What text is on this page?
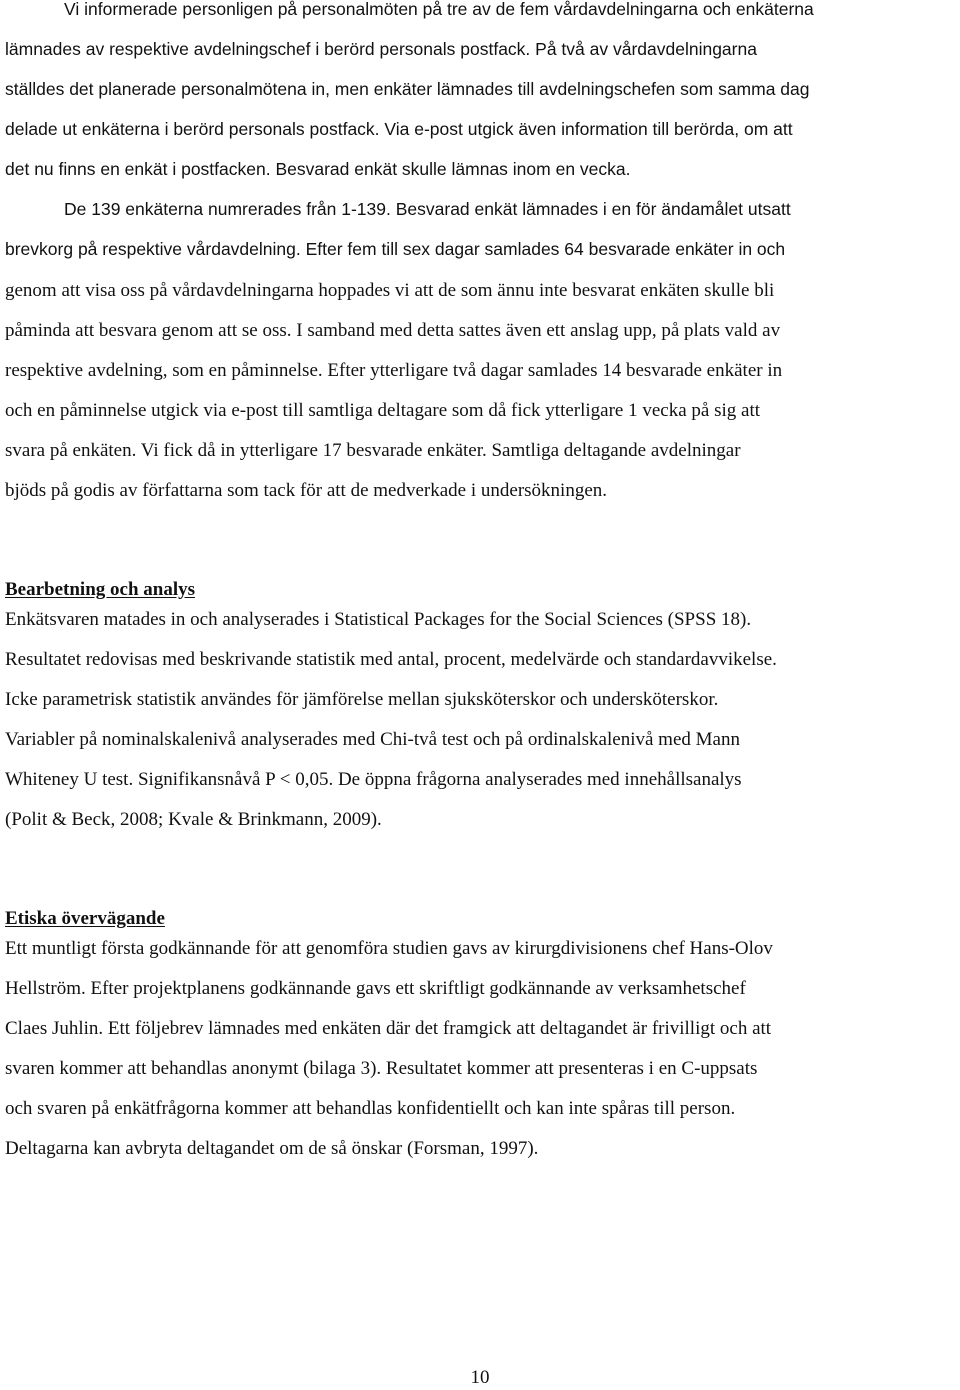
Vi informerade personligen på personalmöten på tre av de fem vårdavdelningarna och enkäterna
lämnades av respektive avdelningschef i berörd personals postfack. På två av vårdavdelningarna
ställdes det planerade personalmötena in, men enkäter lämnades till avdelningschefen som samma dag
delade ut enkäterna i berörd personals postfack. Via e-post utgick även information till berörda, om att
det nu finns en enkät i postfacken. Besvarad enkät skulle lämnas inom en vecka.
De 139 enkäterna numrerades från 1-139. Besvarad enkät lämnades i en för ändamålet utsatt
brevkorg på respektive vårdavdelning. Efter fem till sex dagar samlades 64 besvarade enkäter in och
genom att visa oss på vårdavdelningarna hoppades vi att de som ännu inte besvarat enkäten skulle bli
påminda att besvara genom att se oss. I samband med detta sattes även ett anslag upp, på plats vald av
respektive avdelning, som en påminnelse. Efter ytterligare två dagar samlades 14 besvarade enkäter in
och en påminnelse utgick via e-post till samtliga deltagare som då fick ytterligare 1 vecka på sig att
svara på enkäten. Vi fick då in ytterligare 17 besvarade enkäter. Samtliga deltagande avdelningar
bjöds på godis av författarna som tack för att de medverkade i undersökningen.
Bearbetning och analys
Enkätsvaren matades in och analyserades i Statistical Packages for the Social Sciences (SPSS 18).
Resultatet redovisas med beskrivande statistik med antal, procent, medelvärde och standardavvikelse.
Icke parametrisk statistik användes för jämförelse mellan sjuksköterskor och undersköterskor.
Variabler på nominalskalenivå analyserades med Chi-två test och på ordinalskalenivå med Mann
Whiteney U test. Signifikansnåvå P < 0,05. De öppna frågorna analyserades med innehållsanalys
(Polit & Beck, 2008; Kvale & Brinkmann, 2009).
Etiska övervägande
Ett muntligt första godkännande för att genomföra studien gavs av kirurgdivisionens chef Hans-Olov
Hellström. Efter projektplanens godkännande gavs ett skriftligt godkännande av verksamhetschef
Claes Juhlin. Ett följebrev lämnades med enkäten där det framgick att deltagandet är frivilligt och att
svaren kommer att behandlas anonymt (bilaga 3). Resultatet kommer att presenteras i en C-uppsats
och svaren på enkätfrågorna kommer att behandlas konfidentiellt och kan inte spåras till person.
Deltagarna kan avbryta deltagandet om de så önskar (Forsman, 1997).
10
